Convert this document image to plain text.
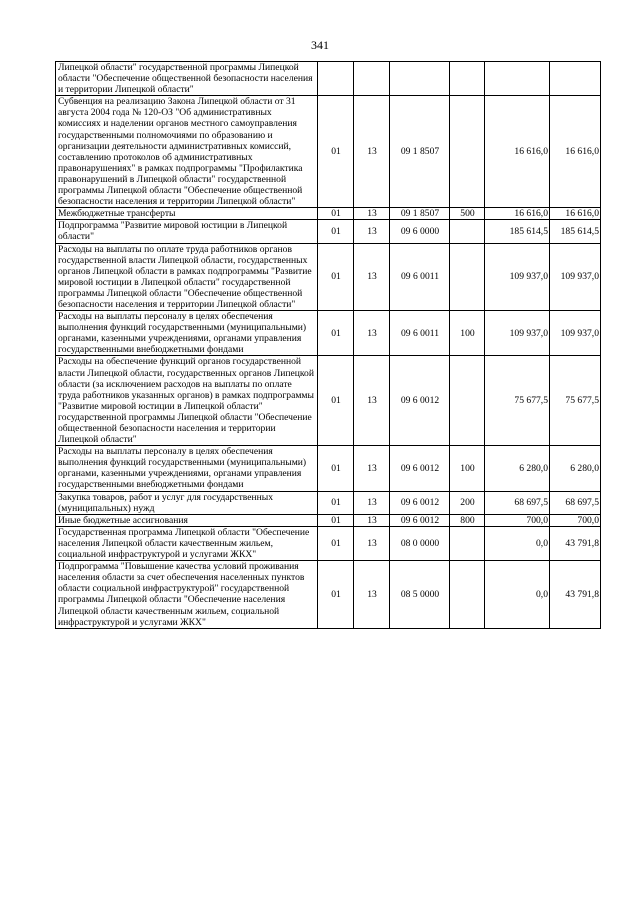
341
Липецкой области" государственной программы Липецкой области "Обеспечение общественной безопасности населения и территории Липецкой области"						
Субвенция на реализацию Закона Липецкой области от 31 августа 2004 года № 120-ОЗ "Об административных комиссиях и наделении органов местного самоуправления государственными полномочиями по образованию и организации деятельности административных комиссий, составлению протоколов об административных правонарушениях" в рамках подпрограммы "Профилактика правонарушений в Липецкой области" государственной программы Липецкой области "Обеспечение общественной безопасности населения и территории Липецкой области"	01	13	09 1 8507		16 616,0	16 616,0
Межбюджетные трансферты	01	13	09 1 8507	500	16 616,0	16 616,0
Подпрограмма "Развитие мировой юстиции в Липецкой области"	01	13	09 6 0000		185 614,5	185 614,5
Расходы на выплаты по оплате труда работников органов государственной власти Липецкой области, государственных органов Липецкой области в рамках подпрограммы "Развитие мировой юстиции в Липецкой области" государственной программы Липецкой области "Обеспечение общественной безопасности населения и территории Липецкой области"	01	13	09 6 0011		109 937,0	109 937,0
Расходы на выплаты персоналу в целях обеспечения выполнения функций государственными (муниципальными) органами, казенными учреждениями, органами управления государственными внебюджетными фондами	01	13	09 6 0011	100	109 937,0	109 937,0
Расходы на обеспечение функций органов государственной власти Липецкой области, государственных органов Липецкой области (за исключением расходов на выплаты по оплате труда работников указанных органов) в рамках подпрограммы "Развитие мировой юстиции в Липецкой области" государственной программы Липецкой области "Обеспечение общественной безопасности населения и территории Липецкой области"	01	13	09 6 0012		75 677,5	75 677,5
Расходы на выплаты персоналу в целях обеспечения выполнения функций государственными (муниципальными) органами, казенными учреждениями, органами управления государственными внебюджетными фондами	01	13	09 6 0012	100	6 280,0	6 280,0
Закупка товаров, работ и услуг для государственных (муниципальных) нужд	01	13	09 6 0012	200	68 697,5	68 697,5
Иные бюджетные ассигнования	01	13	09 6 0012	800	700,0	700,0
Государственная программа Липецкой области "Обеспечение населения Липецкой области качественным жильем, социальной инфраструктурой и услугами ЖКХ"	01	13	08 0 0000		0,0	43 791,8
Подпрограмма "Повышение качества условий проживания населения области за счет обеспечения населенных пунктов области социальной инфраструктурой" государственной программы Липецкой области "Обеспечение населения Липецкой области качественным жильем, социальной инфраструктурой и услугами ЖКХ"	01	13	08 5 0000		0,0	43 791,8
